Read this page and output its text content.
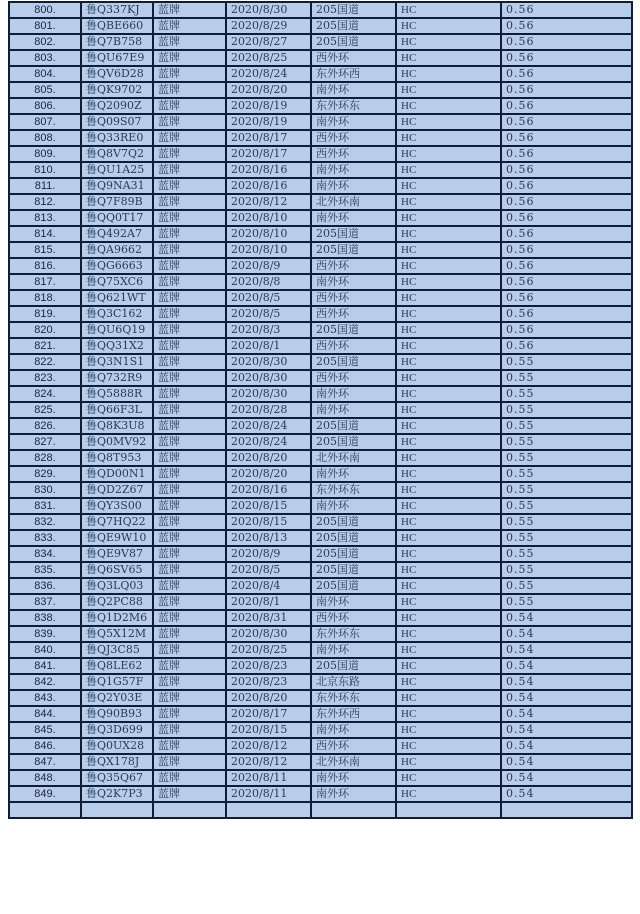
800.	鲁Q337KJ	蓝牌	2020/8/30	205国道	HC	0.56
801.	鲁QBE660	蓝牌	2020/8/29	205国道	HC	0.56
802.	鲁Q7B758	蓝牌	2020/8/27	205国道	HC	0.56
803.	鲁QU67E9	蓝牌	2020/8/25	西外环	HC	0.56
804.	鲁QV6D28	蓝牌	2020/8/24	东外环西	HC	0.56
805.	鲁QK9702	蓝牌	2020/8/20	南外环	HC	0.56
806.	鲁Q2090Z	蓝牌	2020/8/19	东外环东	HC	0.56
807.	鲁Q09S07	蓝牌	2020/8/19	南外环	HC	0.56
808.	鲁Q33RE0	蓝牌	2020/8/17	西外环	HC	0.56
809.	鲁Q8V7Q2	蓝牌	2020/8/17	西外环	HC	0.56
810.	鲁QU1A25	蓝牌	2020/8/16	南外环	HC	0.56
811.	鲁Q9NA31	蓝牌	2020/8/16	南外环	HC	0.56
812.	鲁Q7F89B	蓝牌	2020/8/12	北外环南	HC	0.56
813.	鲁QQ0T17	蓝牌	2020/8/10	南外环	HC	0.56
814.	鲁Q492A7	蓝牌	2020/8/10	205国道	HC	0.56
815.	鲁QA9662	蓝牌	2020/8/10	205国道	HC	0.56
816.	鲁QG6663	蓝牌	2020/8/9	西外环	HC	0.56
817.	鲁Q75XC6	蓝牌	2020/8/8	南外环	HC	0.56
818.	鲁Q621WT	蓝牌	2020/8/5	西外环	HC	0.56
819.	鲁Q3C162	蓝牌	2020/8/5	西外环	HC	0.56
820.	鲁QU6Q19	蓝牌	2020/8/3	205国道	HC	0.56
821.	鲁QQ31X2	蓝牌	2020/8/1	西外环	HC	0.56
822.	鲁Q3N1S1	蓝牌	2020/8/30	205国道	HC	0.55
823.	鲁Q732R9	蓝牌	2020/8/30	西外环	HC	0.55
824.	鲁Q5888R	蓝牌	2020/8/30	南外环	HC	0.55
825.	鲁Q66F3L	蓝牌	2020/8/28	南外环	HC	0.55
826.	鲁Q8K3U8	蓝牌	2020/8/24	205国道	HC	0.55
827.	鲁Q0MV92	蓝牌	2020/8/24	205国道	HC	0.55
828.	鲁Q8T953	蓝牌	2020/8/20	北外环南	HC	0.55
829.	鲁QD00N1	蓝牌	2020/8/20	南外环	HC	0.55
830.	鲁QD2Z67	蓝牌	2020/8/16	东外环东	HC	0.55
831.	鲁QY3S00	蓝牌	2020/8/15	南外环	HC	0.55
832.	鲁Q7HQ22	蓝牌	2020/8/15	205国道	HC	0.55
833.	鲁QE9W10	蓝牌	2020/8/13	205国道	HC	0.55
834.	鲁QE9V87	蓝牌	2020/8/9	205国道	HC	0.55
835.	鲁Q6SV65	蓝牌	2020/8/5	205国道	HC	0.55
836.	鲁Q3LQ03	蓝牌	2020/8/4	205国道	HC	0.55
837.	鲁Q2PC88	蓝牌	2020/8/1	南外环	HC	0.55
838.	鲁Q1D2M6	蓝牌	2020/8/31	西外环	HC	0.54
839.	鲁Q5X12M	蓝牌	2020/8/30	东外环东	HC	0.54
840.	鲁QJ3C85	蓝牌	2020/8/25	南外环	HC	0.54
841.	鲁Q8LE62	蓝牌	2020/8/23	205国道	HC	0.54
842.	鲁Q1G57F	蓝牌	2020/8/23	北京东路	HC	0.54
843.	鲁Q2Y03E	蓝牌	2020/8/20	东外环东	HC	0.54
844.	鲁Q90B93	蓝牌	2020/8/17	东外环西	HC	0.54
845.	鲁Q3D699	蓝牌	2020/8/15	南外环	HC	0.54
846.	鲁Q0UX28	蓝牌	2020/8/12	西外环	HC	0.54
847.	鲁QX178J	蓝牌	2020/8/12	北外环南	HC	0.54
848.	鲁Q35Q67	蓝牌	2020/8/11	南外环	HC	0.54
849.	鲁Q2K7P3	蓝牌	2020/8/11	南外环	HC	0.54
